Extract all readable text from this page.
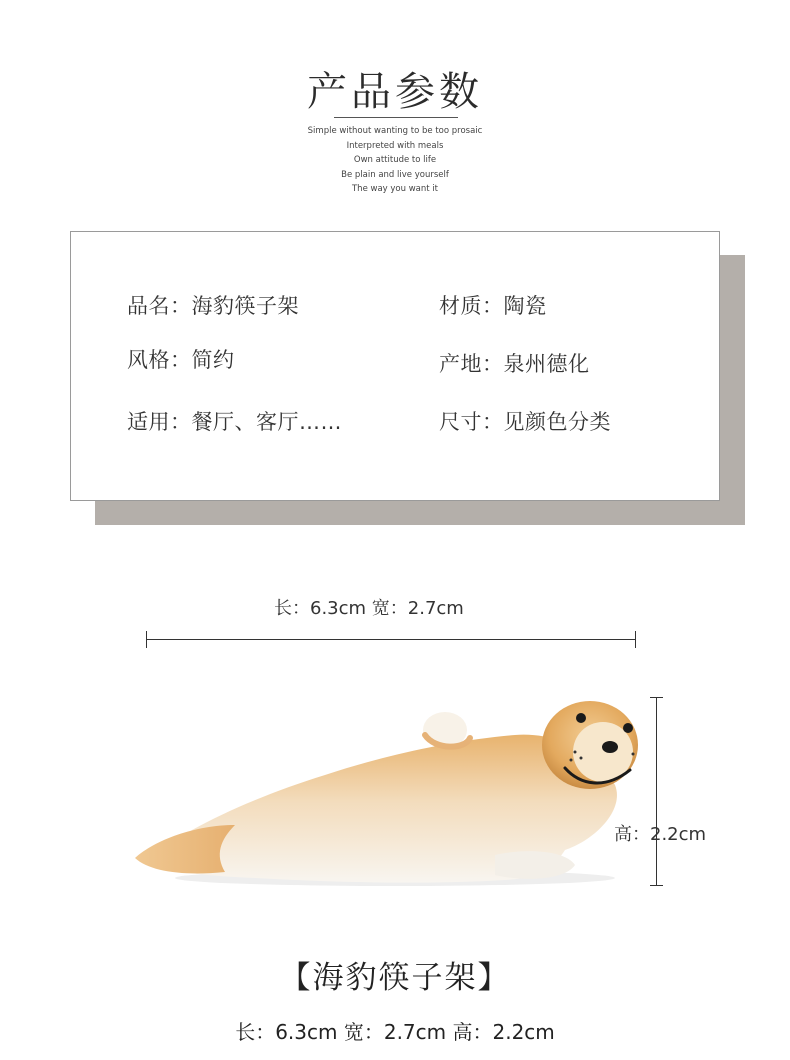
产品参数
Simple without wanting to be too prosaic
Interpreted with meals
Own attitude to life
Be plain and live yourself
The way you want it
品名：海豹筷子架	材质：陶瓷
风格：简约	产地：泉州德化
适用：餐厅、客厅……	尺寸：见颜色分类
长：6.3cm 宽：2.7cm
高：2.2cm
【海豹筷子架】
长：6.3cm 宽：2.7cm 高：2.2cm
